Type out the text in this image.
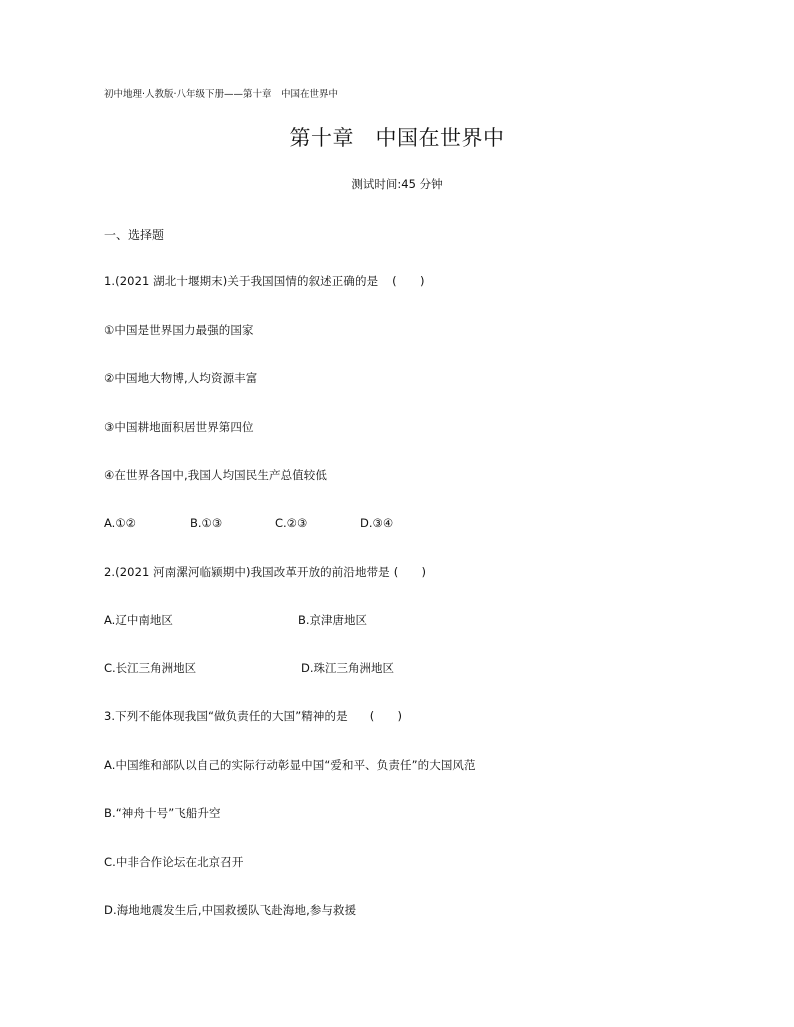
初中地理·人教版·八年级下册——第十章　中国在世界中
第十章　中国在世界中
测试时间:45 分钟
一、选择题
1.(2021 湖北十堰期末)关于我国国情的叙述正确的是 (　　)
①中国是世界国力最强的国家
②中国地大物博,人均资源丰富
③中国耕地面积居世界第四位
④在世界各国中,我国人均国民生产总值较低
A.①②	B.①③	C.②③	D.③④
2.(2021 河南漯河临颍期中)我国改革开放的前沿地带是 (　　)
A.辽中南地区	B.京津唐地区
C.长江三角洲地区	D.珠江三角洲地区
3.下列不能体现我国“做负责任的大国”精神的是 (　　)
A.中国维和部队以自己的实际行动彰显中国“爱和平、负责任”的大国风范
B.“神舟十号”飞船升空
C.中非合作论坛在北京召开
D.海地地震发生后,中国救援队飞赴海地,参与救援
